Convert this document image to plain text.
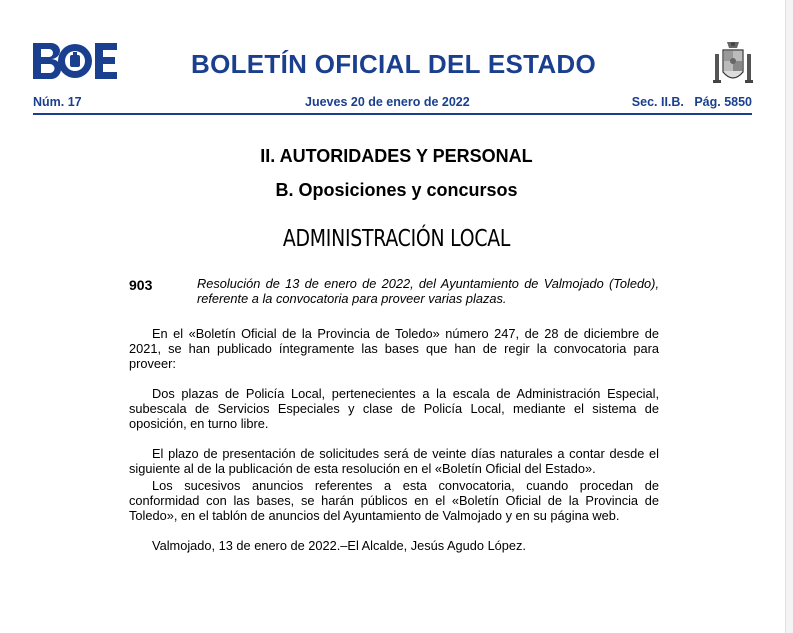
BOLETÍN OFICIAL DEL ESTADO
Núm. 17	Jueves 20 de enero de 2022	Sec. II.B.   Pág. 5850
II. AUTORIDADES Y PERSONAL
B. Oposiciones y concursos
ADMINISTRACIÓN LOCAL
903	Resolución de 13 de enero de 2022, del Ayuntamiento de Valmojado (Toledo), referente a la convocatoria para proveer varias plazas.
En el «Boletín Oficial de la Provincia de Toledo» número 247, de 28 de diciembre de 2021, se han publicado íntegramente las bases que han de regir la convocatoria para proveer:
Dos plazas de Policía Local, pertenecientes a la escala de Administración Especial, subescala de Servicios Especiales y clase de Policía Local, mediante el sistema de oposición, en turno libre.
El plazo de presentación de solicitudes será de veinte días naturales a contar desde el siguiente al de la publicación de esta resolución en el «Boletín Oficial del Estado».
Los sucesivos anuncios referentes a esta convocatoria, cuando procedan de conformidad con las bases, se harán públicos en el «Boletín Oficial de la Provincia de Toledo», en el tablón de anuncios del Ayuntamiento de Valmojado y en su página web.
Valmojado, 13 de enero de 2022.–El Alcalde, Jesús Agudo López.
